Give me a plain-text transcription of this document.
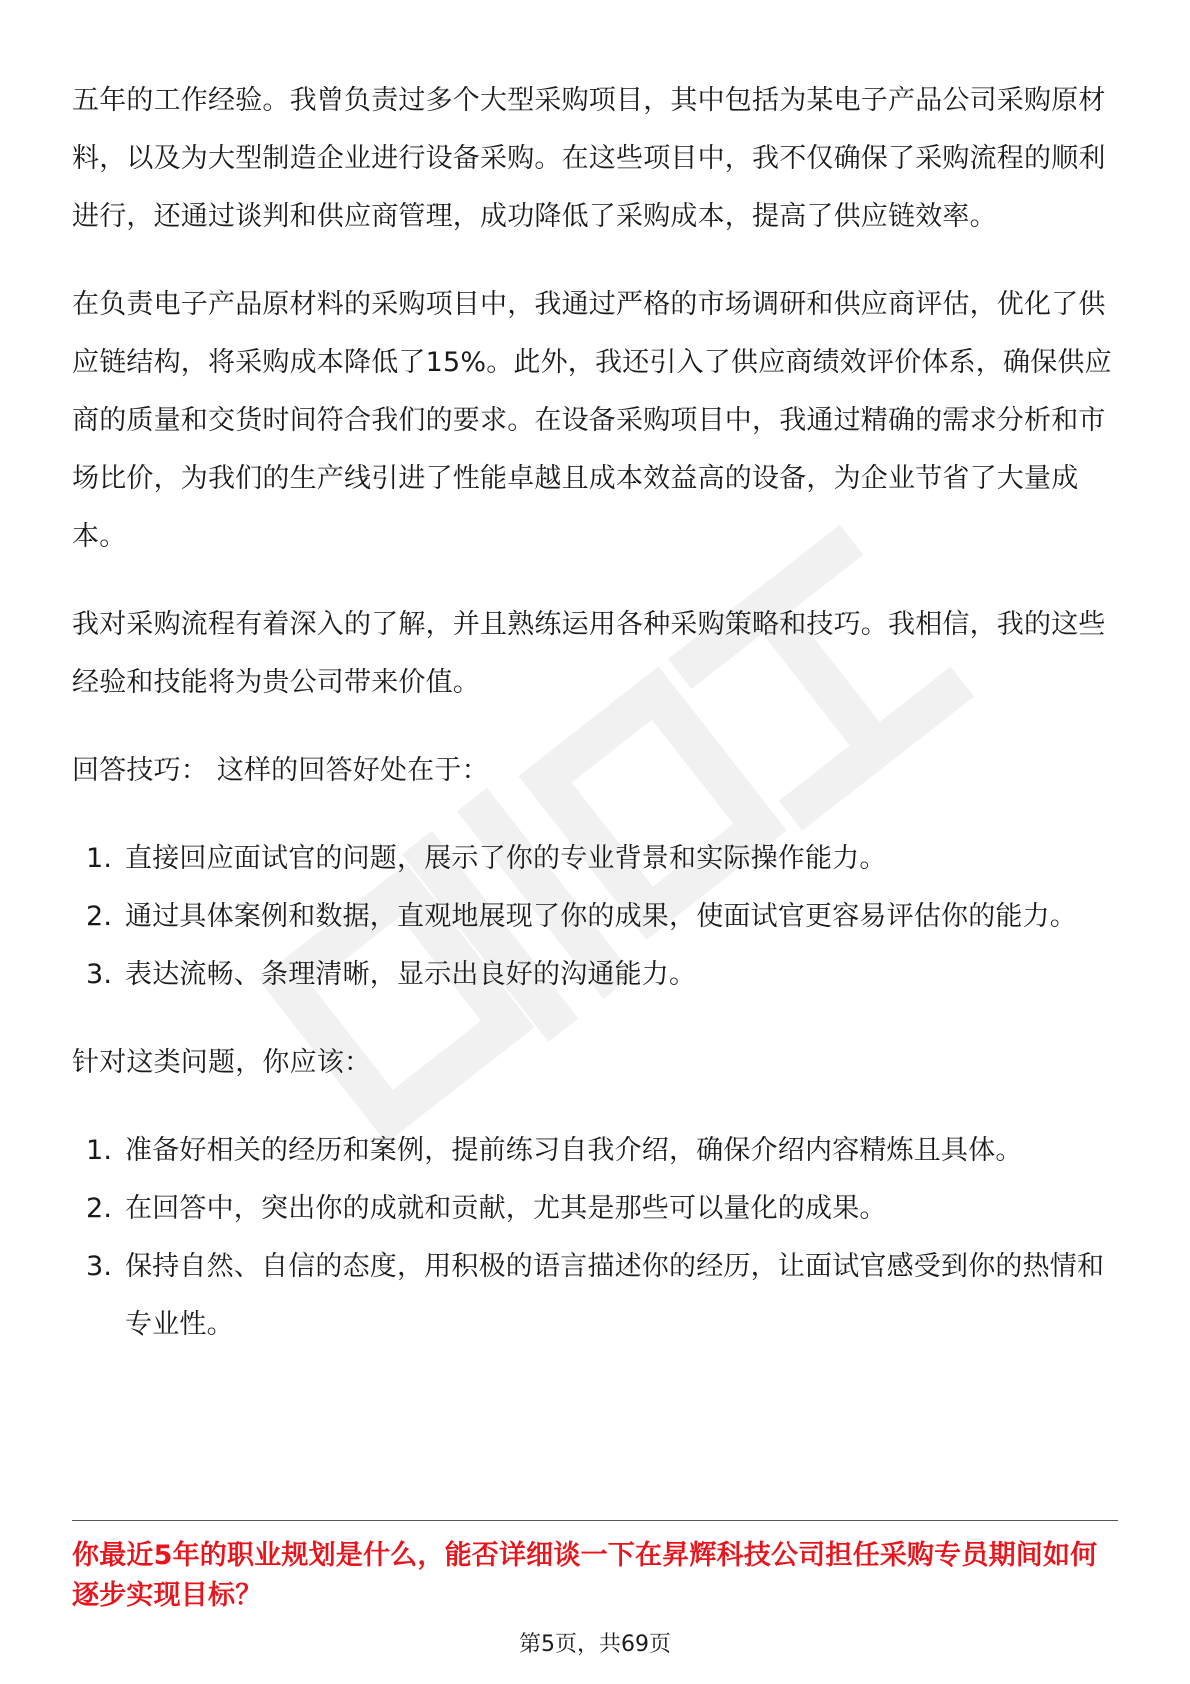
五年的工作经验。我曾负责过多个大型采购项目，其中包括为某电子产品公司采购原材料，以及为大型制造企业进行设备采购。在这些项目中，我不仅确保了采购流程的顺利进行，还通过谈判和供应商管理，成功降低了采购成本，提高了供应链效率。

在负责电子产品原材料的采购项目中，我通过严格的市场调研和供应商评估，优化了供应链结构，将采购成本降低了15%。此外，我还引入了供应商绩效评价体系，确保供应商的质量和交货时间符合我们的要求。在设备采购项目中，我通过精确的需求分析和市场比价，为我们的生产线引进了性能卓越且成本效益高的设备，为企业节省了大量成本。

我对采购流程有着深入的了解，并且熟练运用各种采购策略和技巧。我相信，我的这些经验和技能将为贵公司带来价值。

回答技巧： 这样的回答好处在于：

1. 直接回应面试官的问题，展示了你的专业背景和实际操作能力。
2. 通过具体案例和数据，直观地展现了你的成果，使面试官更容易评估你的能力。
3. 表达流畅、条理清晰，显示出良好的沟通能力。

针对这类问题，你应该：

1. 准备好相关的经历和案例，提前练习自我介绍，确保介绍内容精炼且具体。
2. 在回答中，突出你的成就和贡献，尤其是那些可以量化的成果。
3. 保持自然、自信的态度，用积极的语言描述你的经历，让面试官感受到你的热情和专业性。
你最近5年的职业规划是什么，能否详细谈一下在昇辉科技公司担任采购专员期间如何逐步实现目标？
第5页，共69页
